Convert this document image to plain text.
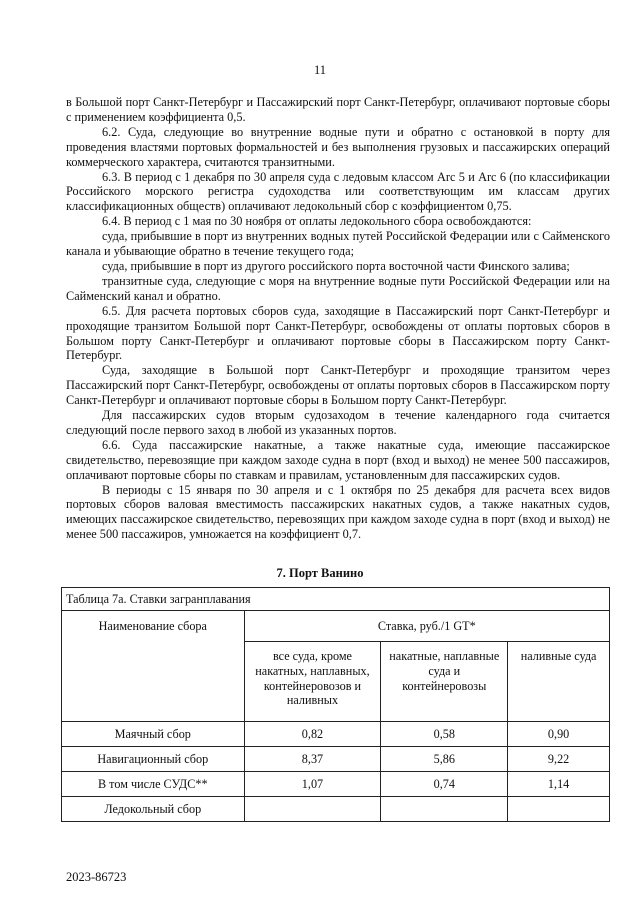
11

в Большой порт Санкт-Петербург и Пассажирский порт Санкт-Петербург, оплачивают портовые сборы с применением коэффициента 0,5.

6.2. Суда, следующие во внутренние водные пути и обратно с остановкой в порту для проведения властями портовых формальностей и без выполнения грузовых и пассажирских операций коммерческого характера, считаются транзитными.

6.3. В период с 1 декабря по 30 апреля суда с ледовым классом Arc 5 и Arc 6 (по классификации Российского морского регистра судоходства или соответствующим им классам других классификационных обществ) оплачивают ледокольный сбор с коэффициентом 0,75.

6.4. В период с 1 мая по 30 ноября от оплаты ледокольного сбора освобождаются:

суда, прибывшие в порт из внутренних водных путей Российской Федерации или с Сайменского канала и убывающие обратно в течение текущего года;

суда, прибывшие в порт из другого российского порта восточной части Финского залива;

транзитные суда, следующие с моря на внутренние водные пути Российской Федерации или на Сайменский канал и обратно.

6.5. Для расчета портовых сборов суда, заходящие в Пассажирский порт Санкт-Петербург и проходящие транзитом Большой порт Санкт-Петербург, освобождены от оплаты портовых сборов в Большом порту Санкт-Петербург и оплачивают портовые сборы в Пассажирском порту Санкт-Петербург.

Суда, заходящие в Большой порт Санкт-Петербург и проходящие транзитом через Пассажирский порт Санкт-Петербург, освобождены от оплаты портовых сборов в Пассажирском порту Санкт-Петербург и оплачивают портовые сборы в Большом порту Санкт-Петербург.

Для пассажирских судов вторым судозаходом в течение календарного года считается следующий после первого заход в любой из указанных портов.

6.6. Суда пассажирские накатные, а также накатные суда, имеющие пассажирское свидетельство, перевозящие при каждом заходе судна в порт (вход и выход) не менее 500 пассажиров, оплачивают портовые сборы по ставкам и правилам, установленным для пассажирских судов.

В периоды с 15 января по 30 апреля и с 1 октября по 25 декабря для расчета всех видов портовых сборов валовая вместимость пассажирских накатных судов, а также накатных судов, имеющих пассажирское свидетельство, перевозящих при каждом заходе судна в порт (вход и выход) не менее 500 пассажиров, умножается на коэффициент 0,7.

7. Порт Ванино
Таблица 7а. Ставки загранплавания			
Наименование сбора	Ставка, руб./1 GT*		
	все суда, кроме накатных, наплавных, контейнеровозов и наливных	накатные, наплавные суда и контейнеровозы	наливные суда
Маячный сбор	0,82	0,58	0,90
Навигационный сбор	8,37	5,86	9,22
В том числе СУДС**	1,07	0,74	1,14
Ледокольный сбор			
2023-86723
